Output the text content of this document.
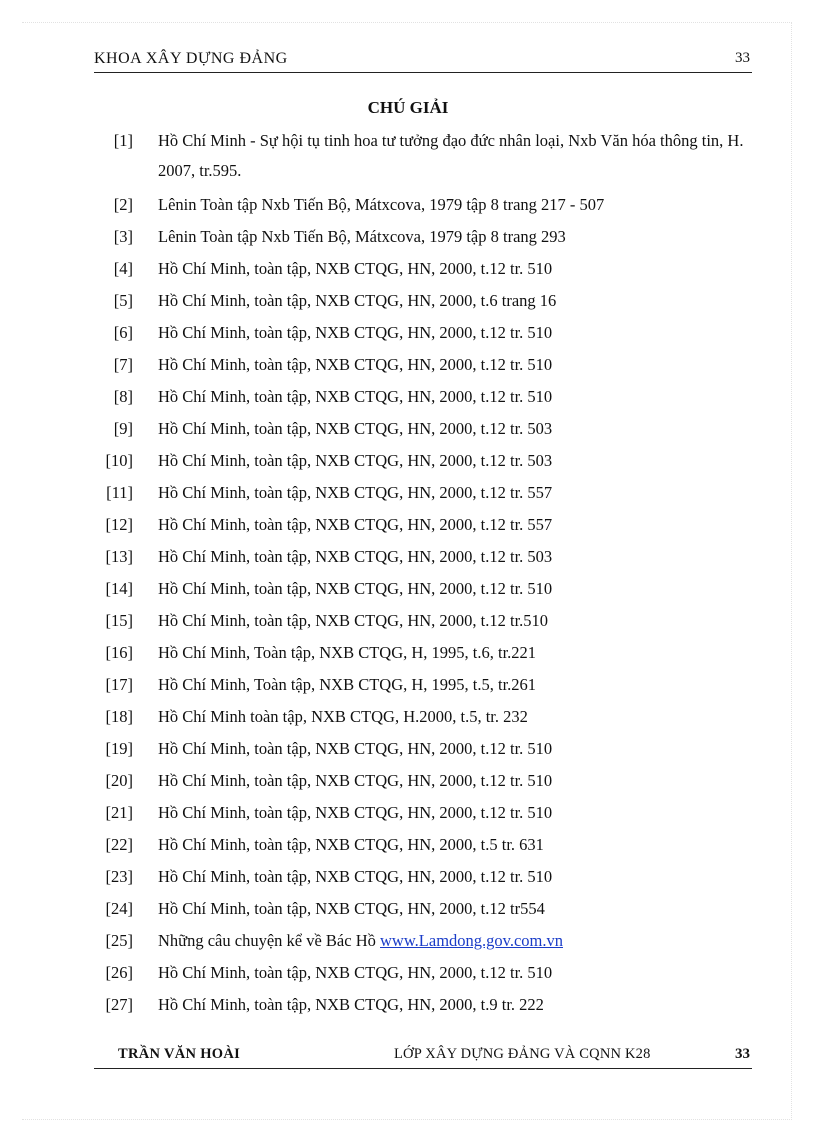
KHOA XÂY DỰNG ĐẢNG	33
CHÚ GIẢI
[1] Hồ Chí Minh - Sự hội tụ tinh hoa tư tưởng đạo đức nhân loại, Nxb Văn hóa thông tin, H. 2007, tr.595.
[2] Lênin Toàn tập Nxb Tiến Bộ, Mátxcova, 1979 tập 8 trang 217 - 507
[3] Lênin Toàn tập Nxb Tiến Bộ, Mátxcova, 1979 tập 8 trang 293
[4] Hồ Chí Minh, toàn tập, NXB CTQG, HN, 2000, t.12 tr. 510
[5] Hồ Chí Minh, toàn tập, NXB CTQG, HN, 2000, t.6 trang 16
[6] Hồ Chí Minh, toàn tập, NXB CTQG, HN, 2000, t.12 tr. 510
[7] Hồ Chí Minh, toàn tập, NXB CTQG, HN, 2000, t.12 tr. 510
[8] Hồ Chí Minh, toàn tập, NXB CTQG, HN, 2000, t.12 tr. 510
[9] Hồ Chí Minh, toàn tập, NXB CTQG, HN, 2000, t.12 tr. 503
[10] Hồ Chí Minh, toàn tập, NXB CTQG, HN, 2000, t.12 tr. 503
[11] Hồ Chí Minh, toàn tập, NXB CTQG, HN, 2000, t.12 tr. 557
[12] Hồ Chí Minh, toàn tập, NXB CTQG, HN, 2000, t.12 tr. 557
[13] Hồ Chí Minh, toàn tập, NXB CTQG, HN, 2000, t.12 tr. 503
[14] Hồ Chí Minh, toàn tập, NXB CTQG, HN, 2000, t.12 tr. 510
[15] Hồ Chí Minh, toàn tập, NXB CTQG, HN, 2000, t.12 tr.510
[16] Hồ Chí Minh, Toàn tập, NXB CTQG, H, 1995, t.6, tr.221
[17] Hồ Chí Minh, Toàn tập, NXB CTQG, H, 1995, t.5, tr.261
[18] Hồ Chí Minh toàn tập, NXB CTQG, H.2000, t.5, tr. 232
[19] Hồ Chí Minh, toàn tập, NXB CTQG, HN, 2000, t.12 tr. 510
[20] Hồ Chí Minh, toàn tập, NXB CTQG, HN, 2000, t.12 tr. 510
[21] Hồ Chí Minh, toàn tập, NXB CTQG, HN, 2000, t.12 tr. 510
[22] Hồ Chí Minh, toàn tập, NXB CTQG, HN, 2000, t.5 tr. 631
[23] Hồ Chí Minh, toàn tập, NXB CTQG, HN, 2000, t.12 tr. 510
[24] Hồ Chí Minh, toàn tập, NXB CTQG, HN, 2000, t.12 tr554
[25] Những câu chuyện kể về Bác Hồ www.Lamdong.gov.com.vn
[26] Hồ Chí Minh, toàn tập, NXB CTQG, HN, 2000, t.12 tr. 510
[27] Hồ Chí Minh, toàn tập, NXB CTQG, HN, 2000, t.9 tr. 222
TRẦN VĂN HOÀI	LỚP XÂY DỰNG ĐẢNG VÀ CQNN K28	33
